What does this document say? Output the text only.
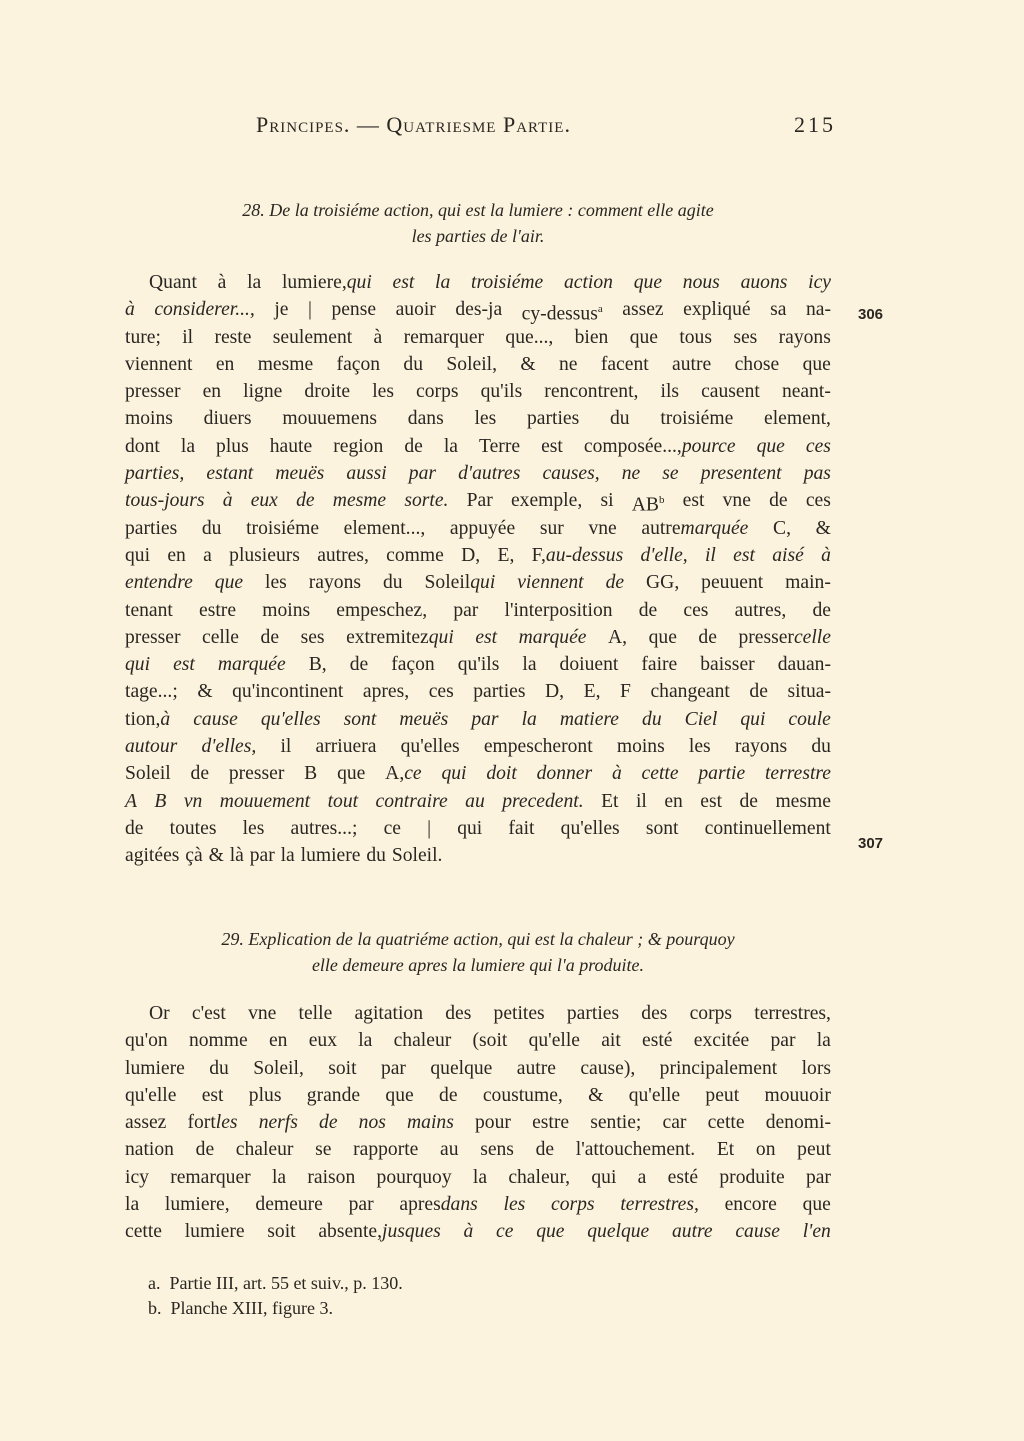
Principes. — Quatriesme Partie.	215
28. De la troisiéme action, qui est la lumiere : comment elle agite
les parties de l'air.
Quant à la lumiere,qui est la troisiéme action que nous auons icy
à considerer..., je | pense auoir des-ja cy-dessus$^a$ assez expliqué sa na-
ture; il reste seulement à remarquer que..., bien que tous ses rayons
viennent en mesme façon du Soleil, & ne facent autre chose que
presser en ligne droite les corps qu'ils rencontrent, ils causent neant-
moins diuers mouuemens dans les parties du troisiéme element,
dont la plus haute region de la Terre est composée...,pource que ces
parties, estant meuës aussi par d'autres causes, ne se presentent pas
tous-jours à eux de mesme sorte. Par exemple, si $AB^b$ est vne de ces
parties du troisiéme element..., appuyée sur vne autremarquée C, &
qui en a plusieurs autres, comme D, E, F,au-dessus d'elle, il est aisé à
entendre que les rayons du Soleilqui viennent de GG, peuuent main-
tenant estre moins empeschez, par l'interposition de ces autres, de
presser celle de ses extremitezqui est marquée A, que de pressercelle
qui est marquée B, de façon qu'ils la doiuent faire baisser dauan-
tage...; & qu'incontinent apres, ces parties D, E, F changeant de situa-
tion,à cause qu'elles sont meuës par la matiere du Ciel qui coule
autour d'elles, il arriuera qu'elles empescheront moins les rayons du
Soleil de presser B que A,ce qui doit donner à cette partie terrestre
A B vn mouuement tout contraire au precedent. Et il en est de mesme
de toutes les autres...; ce | qui fait qu'elles sont continuellement
agitées çà & là par la lumiere du Soleil.
306
307
29. Explication de la quatriéme action, qui est la chaleur ; & pourquoy
elle demeure apres la lumiere qui l'a produite.
Or c'est vne telle agitation des petites parties des corps terrestres,
qu'on nomme en eux la chaleur (soit qu'elle ait esté excitée par la
lumiere du Soleil, soit par quelque autre cause), principalement lors
qu'elle est plus grande que de coustume, & qu'elle peut mouuoir
assez fortles nerfs de nos mains pour estre sentie; car cette denomi-
nation de chaleur se rapporte au sens de l'attouchement. Et on peut
icy remarquer la raison pourquoy la chaleur, qui a esté produite par
la lumiere, demeure par apresdans les corps terrestres, encore que
cette lumiere soit absente,jusques à ce que quelque autre cause l'en
a.  Partie III, art. 55 et suiv., p. 130.
b.  Planche XIII, figure 3.
